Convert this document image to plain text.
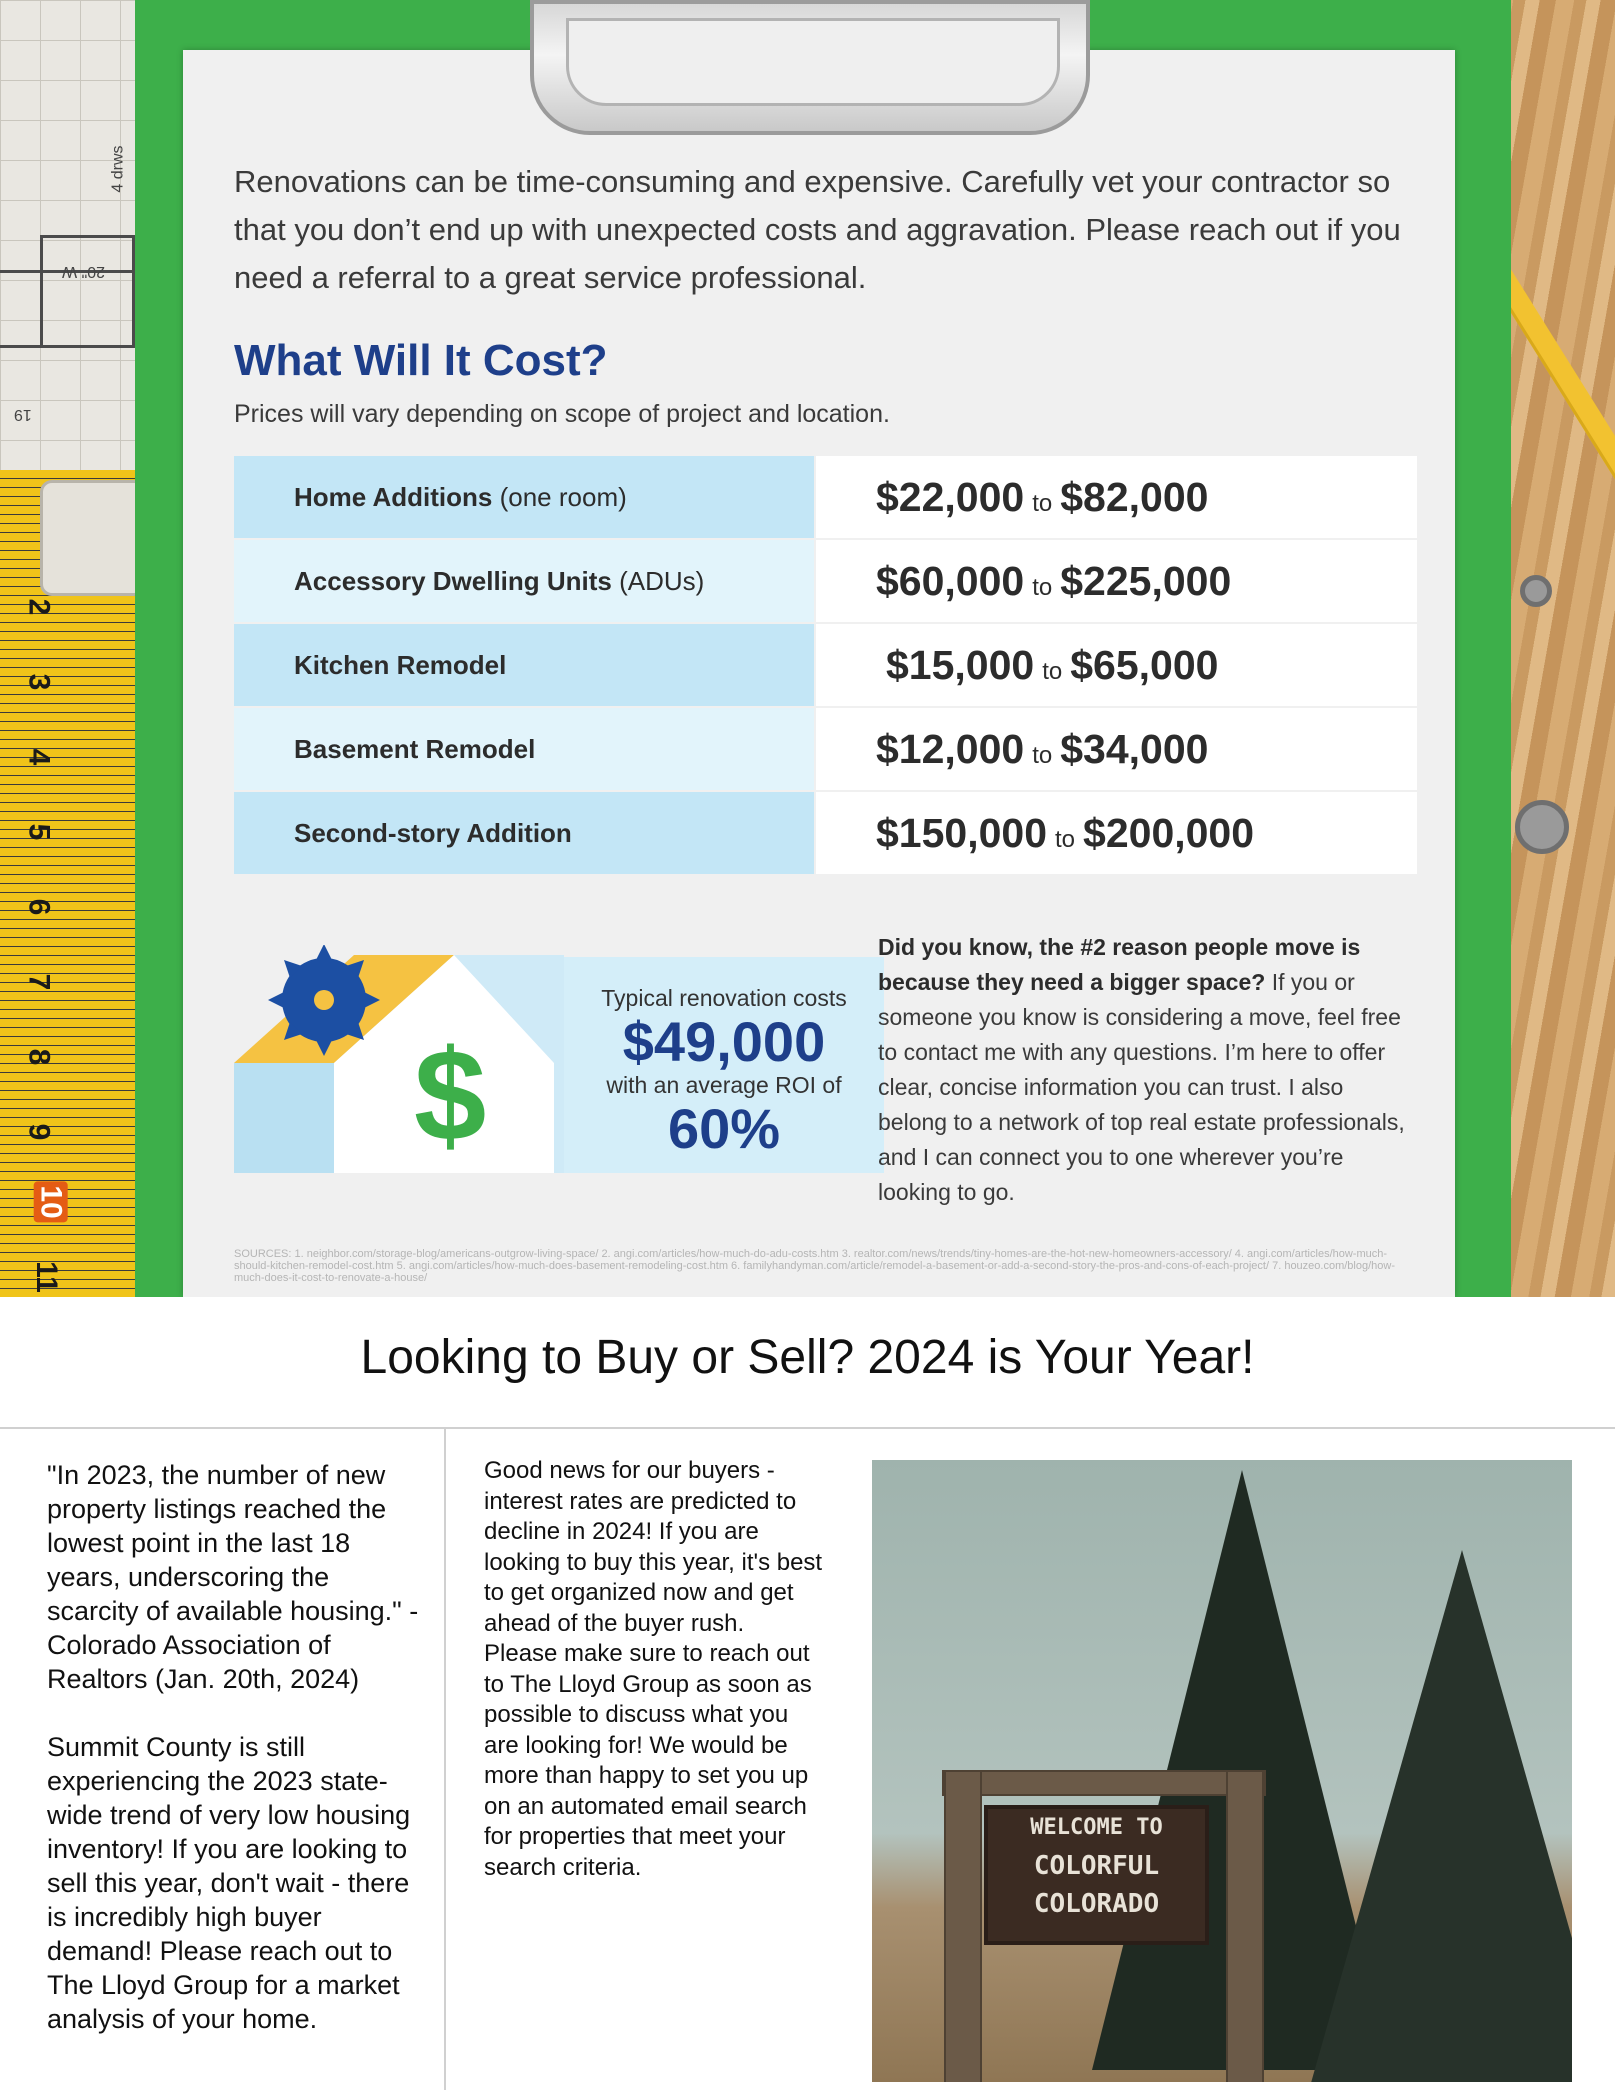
4 drws
20" W
19
2
3
4
5
6
7
8
9
10
11
Renovations can be time-consuming and expensive. Carefully vet your contractor so that you don’t end up with unexpected costs and aggravation. Please reach out if you need a referral to a great service professional.
What Will It Cost?
Prices will vary depending on scope of project and location.
Home Additions (one room)	$22,000 to $82,000
Accessory Dwelling Units (ADUs)	$60,000 to $225,000
Kitchen Remodel	$15,000 to $65,000
Basement Remodel	$12,000 to $34,000
Second-story Addition	$150,000 to $200,000
$
Typical renovation costs
$49,000
with an average ROI of
60%
Did you know, the #2 reason people move is because they need a bigger space? If you or someone you know is considering a move, feel free to contact me with any questions. I’m here to offer clear, concise information you can trust. I also belong to a network of top real estate professionals, and I can connect you to one wherever you’re looking to go.
SOURCES: 1. neighbor.com/storage-blog/americans-outgrow-living-space/ 2. angi.com/articles/how-much-do-adu-costs.htm 3. realtor.com/news/trends/tiny-homes-are-the-hot-new-homeowners-accessory/ 4. angi.com/articles/how-much-should-kitchen-remodel-cost.htm 5. angi.com/articles/how-much-does-basement-remodeling-cost.htm 6. familyhandyman.com/article/remodel-a-basement-or-add-a-second-story-the-pros-and-cons-of-each-project/ 7. houzeo.com/blog/how-much-does-it-cost-to-renovate-a-house/
Looking to Buy or Sell? 2024 is Your Year!

"In 2023, the number of new property listings reached the lowest point in the last 18 years, underscoring the scarcity of available housing." - Colorado Association of Realtors (Jan. 20th, 2024)

Summit County is still experiencing the 2023 state-wide trend of very low housing inventory! If you are looking to sell this year, don't wait - there is incredibly high buyer demand! Please reach out to The Lloyd Group for a market analysis of your home.

Good news for our buyers - interest rates are predicted to decline in 2024! If you are looking to buy this year, it's best to get organized now and get ahead of the buyer rush. Please make sure to reach out to The Lloyd Group as soon as possible to discuss what you are looking for! We would be more than happy to set you up on an automated email search for properties that meet your search criteria.
WELCOME TO
COLORFUL
COLORADO
